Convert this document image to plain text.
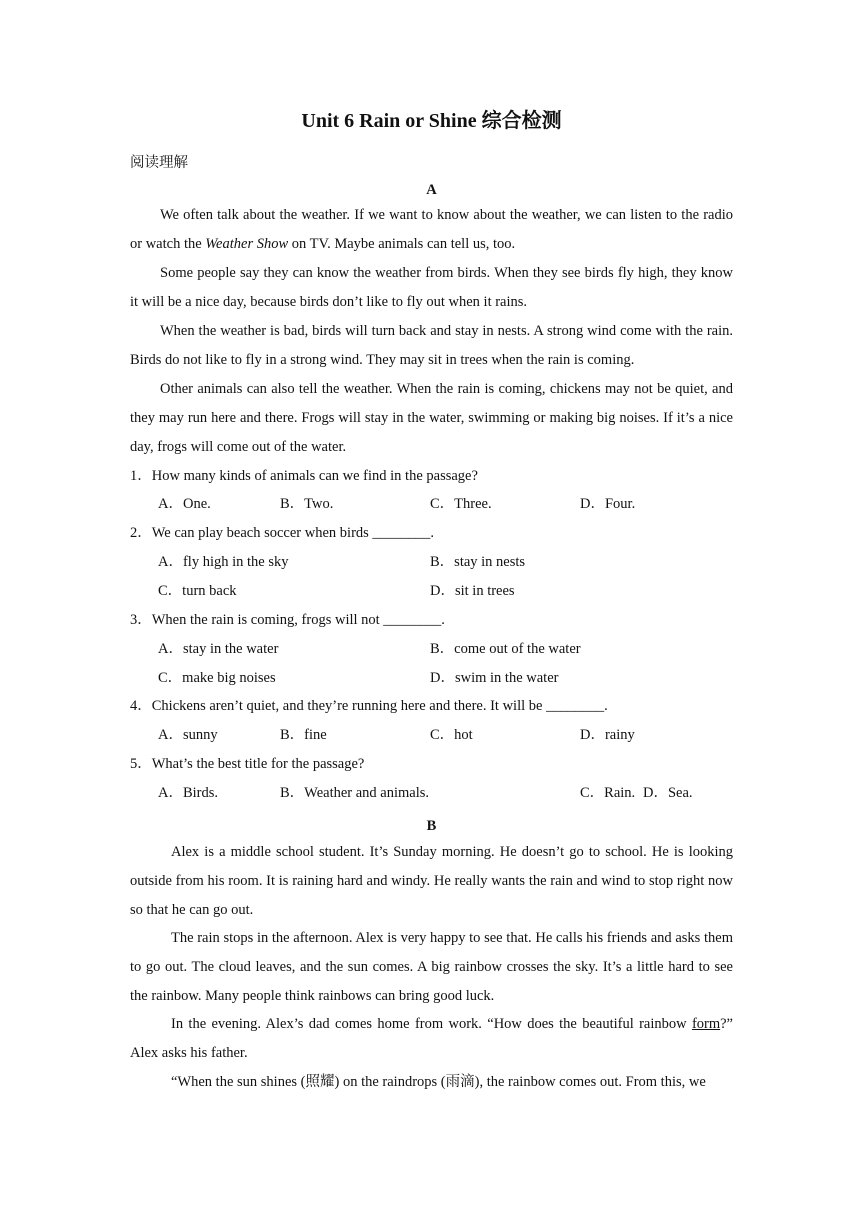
Unit 6 Rain or Shine 综合检测
阅读理解
A

We often talk about the weather. If we want to know about the weather, we can listen to the radio or watch the Weather Show on TV. Maybe animals can tell us, too.

Some people say they can know the weather from birds. When they see birds fly high, they know it will be a nice day, because birds don’t like to fly out when it rains.

When the weather is bad, birds will turn back and stay in nests. A strong wind come with the rain. Birds do not like to fly in a strong wind. They may sit in trees when the rain is coming.

Other animals can also tell the weather. When the rain is coming, chickens may not be quiet, and they may run here and there. Frogs will stay in the water, swimming or making big noises. If it’s a nice day, frogs will come out of the water.

1．How many kinds of animals can we find in the passage?

A．One.	B．Two.	C．Three.	D．Four.

2．We can play beach soccer when birds ________.

A．fly high in the sky	B．stay in nests
C．turn back	D．sit in trees

3．When the rain is coming, frogs will not ________.

A．stay in the water	B．come out of the water
C．make big noises	D．swim in the water

4．Chickens aren’t quiet, and they’re running here and there. It will be ________.

A．sunny	B．fine	C．hot	D．rainy

5．What’s the best title for the passage?

A．Birds.	B．Weather and animals.	C．Rain. D．Sea.
B

Alex is a middle school student. It’s Sunday morning. He doesn’t go to school. He is looking outside from his room. It is raining hard and windy. He really wants the rain and wind to stop right now so that he can go out.

The rain stops in the afternoon. Alex is very happy to see that. He calls his friends and asks them to go out. The cloud leaves, and the sun comes. A big rainbow crosses the sky. It’s a little hard to see the rainbow. Many people think rainbows can bring good luck.

In the evening. Alex’s dad comes home from work. “How does the beautiful rainbow form?” Alex asks his father.

“When the sun shines (照耀) on the raindrops (雨滴), the rainbow comes out. From this, we
